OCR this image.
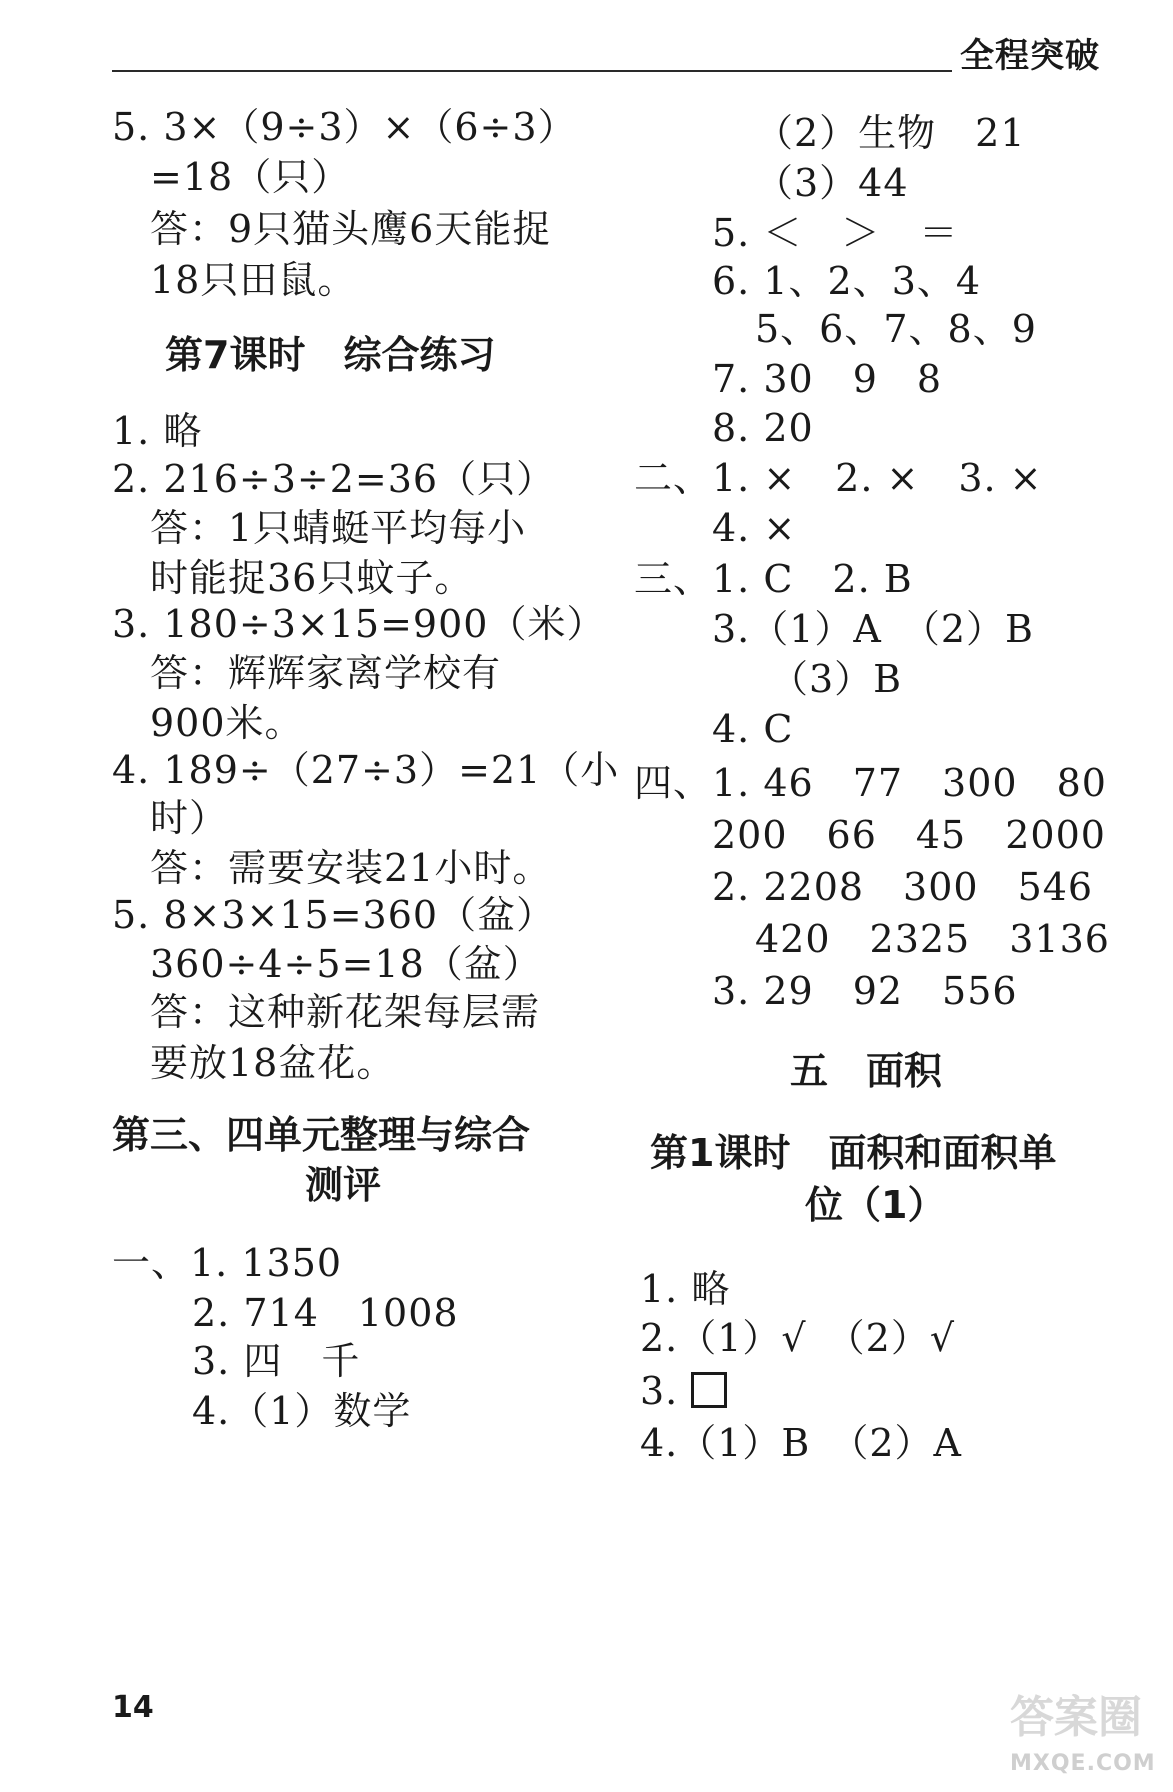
全程突破
5. 3×（9÷3）×（6÷3）
=18（只）
答：9只猫头鹰6天能捉
18只田鼠。
第7课时　综合练习
1. 略
2. 216÷3÷2=36（只）
答：1只蜻蜓平均每小
时能捉36只蚊子。
3. 180÷3×15=900（米）
答：辉辉家离学校有
900米。
4. 189÷（27÷3）=21（小
时）
答：需要安装21小时。
5. 8×3×15=360（盆）
360÷4÷5=18（盆）
答：这种新花架每层需
要放18盆花。
第三、四单元整理与综合
测评
一、1. 1350
2. 714　1008
3. 四　千
4.（1）数学
（2）生物　21
（3）44
5. ＜　＞　＝
6. 1、2、3、4
5、6、7、8、9
7. 30　9　8
8. 20
二、1. ×　2. ×　3. ×
4. ×
三、1. C　2. B
3.（1）A　（2）B
（3）B
4. C
四、1. 46　77　300　80
200　66　45　2000
2. 2208　300　546
420　2325　3136
3. 29　92　556
五　面积
第1课时　面积和面积单
位（1）
1. 略
2.（1）√　（2）√
3.
4.（1）B　（2）A
14	答案圈
MXQE.COM
